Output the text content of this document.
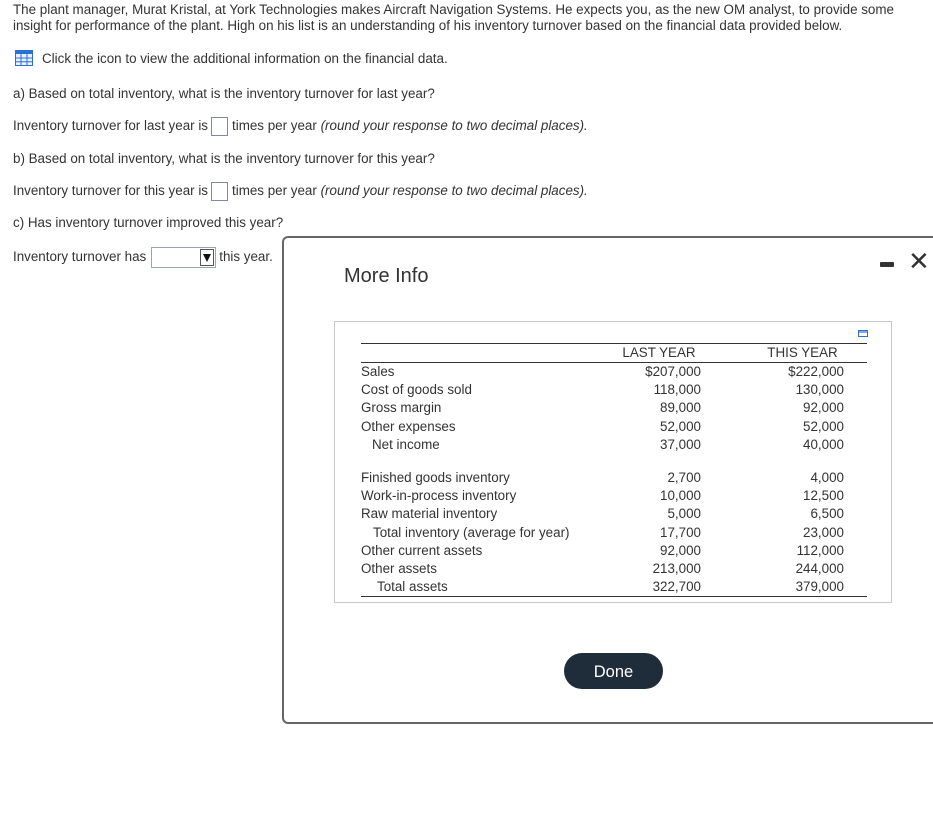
The plant manager, Murat Kristal, at York Technologies makes Aircraft Navigation Systems. He expects you, as the new OM analyst, to provide some insight for performance of the plant. High on his list is an understanding of his inventory turnover based on the financial data provided below.
Click the icon to view the additional information on the financial data.
a) Based on total inventory, what is the inventory turnover for last year?
Inventory turnover for last year is times per year (round your response to two decimal places).
b) Based on total inventory, what is the inventory turnover for this year?
Inventory turnover for this year is times per year (round your response to two decimal places).
c) Has inventory turnover improved this year?
Inventory turnover has	this year.
More Info	✕
	LAST YEAR		THIS YEAR	
Sales	$207,000		$222,000	
Cost of goods sold	118,000		130,000	
Gross margin	89,000		92,000	
Other expenses	52,000		52,000	
Net income	37,000		40,000	

Finished goods inventory	2,700		4,000	
Work-in-process inventory	10,000		12,500	
Raw material inventory	5,000		6,500	
Total inventory (average for year)	17,700		23,000	
Other current assets	92,000		112,000	
Other assets	213,000		244,000	
Total assets	322,700		379,000	
Done
